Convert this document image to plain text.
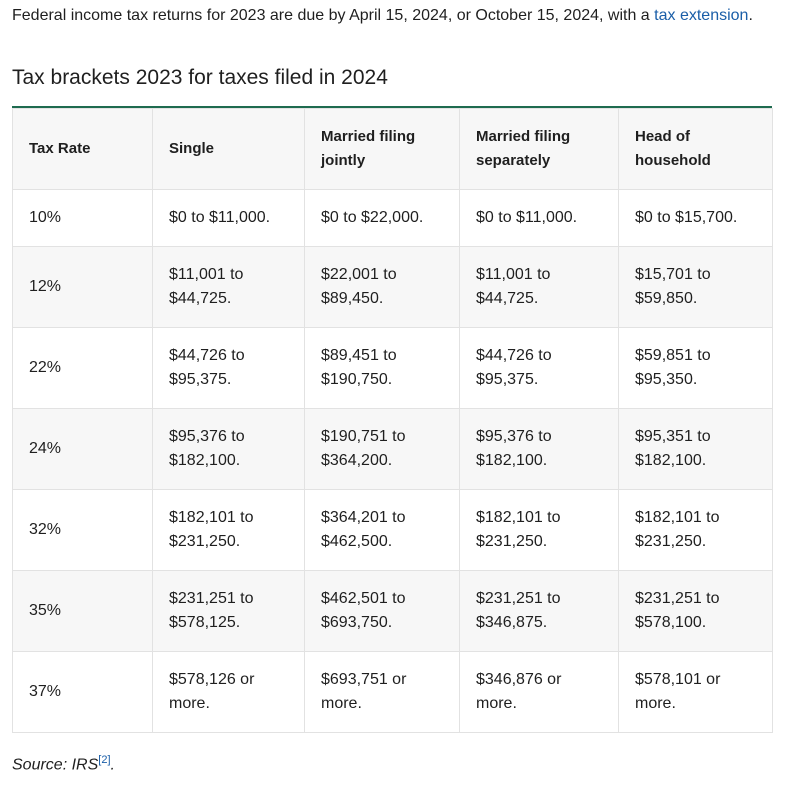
Federal income tax returns for 2023 are due by April 15, 2024, or October 15, 2024, with a tax extension.

Tax brackets 2023 for taxes filed in 2024
Tax Rate	Single	Married filing jointly	Married filing separately	Head of household
10%	$0 to $11,000.	$0 to $22,000.	$0 to $11,000.	$0 to $15,700.
12%	$11,001 to $44,725.	$22,001 to $89,450.	$11,001 to $44,725.	$15,701 to $59,850.
22%	$44,726 to $95,375.	$89,451 to $190,750.	$44,726 to $95,375.	$59,851 to $95,350.
24%	$95,376 to $182,100.	$190,751 to $364,200.	$95,376 to $182,100.	$95,351 to $182,100.
32%	$182,101 to $231,250.	$364,201 to $462,500.	$182,101 to $231,250.	$182,101 to $231,250.
35%	$231,251 to $578,125.	$462,501 to $693,750.	$231,251 to $346,875.	$231,251 to $578,100.
37%	$578,126 or more.	$693,751 or more.	$346,876 or more.	$578,101 or more.

Source: IRS[2].
